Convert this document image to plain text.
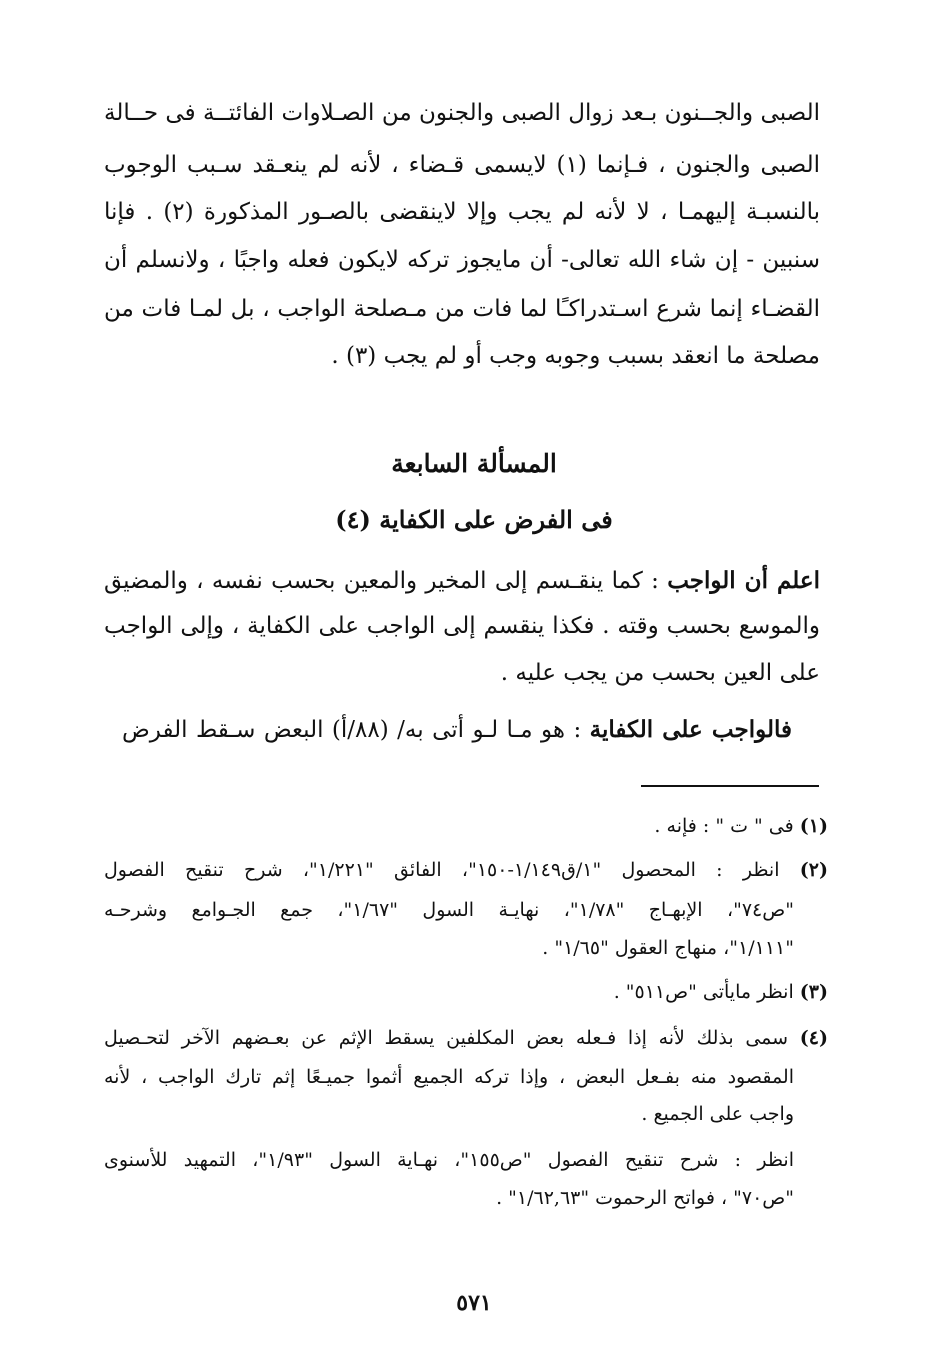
الصبى والجــنون بـعد زوال الصبى والجنون من الصـلاوات الفائتــة فى حــالة
الصبى والجنون ، فـإنما (١) لايسمى قـضاء ، لأنه لم ينعـقد سـبب الوجوب
بالنسبـة إليهمـا ، لا لأنه لم يجب وإلا لاينقضى بالصـور المذكورة (٢) . فإنا
سنبين - إن شاء الله تعالى- أن مايجوز تركه لايكون فعله واجبًا ، ولانسلم أن
القضـاء إنما شرع اسـتدراكـًا لما فات من مـصلحة الواجب ، بل لمـا فات من
مصلحة ما انعقد بسبب وجوبه وجب أو لم يجب (٣) .
المسألة السابعة
فى الفرض على الكفاية (٤)
اعلم أن الواجب : كما ينقـسم إلى المخير والمعين بحسب نفسه ، والمضيق
والموسع بحسب وقته . فكذا ينقسم إلى الواجب على الكفاية ، وإلى الواجب
على العين بحسب من يجب عليه .
فالواجب على الكفاية : هو مـا لـو أتى به/ (٨٨/أ) البعض سـقط الفرض
(١) فى " ت " : فإنه .
(٢) انظر : المحصول "١/ق١/١٤٩-١٥٠"، الفائق "١/٢٢١"، شرح تنقيح الفصول
"ص٧٤"، الإبهـاج "١/٧٨"، نهايـة السول "١/٦٧"، جمع الجـوامع وشرحـه
"١/١١١"، منهاج العقول "١/٦٥" .
(٣) انظر مايأتى "ص٥١١" .
(٤) سمى بذلك لأنه إذا فـعله بعض المكلفين يسقط الإثم عن بعـضهم الآخر لتحـصيل
المقصود منه بفـعل البعض ، وإذا تركه الجميع أثموا جميـعًا إثم تارك الواجب ، لأنه
واجب على الجميع .
انظر : شرح تنقيح الفصول "ص١٥٥"، نهـاية السول "١/٩٣"، التمهيد للأسنوى
"ص٧٠" ، فواتح الرحموت "١/٦٢,٦٣" .
٥٧١
